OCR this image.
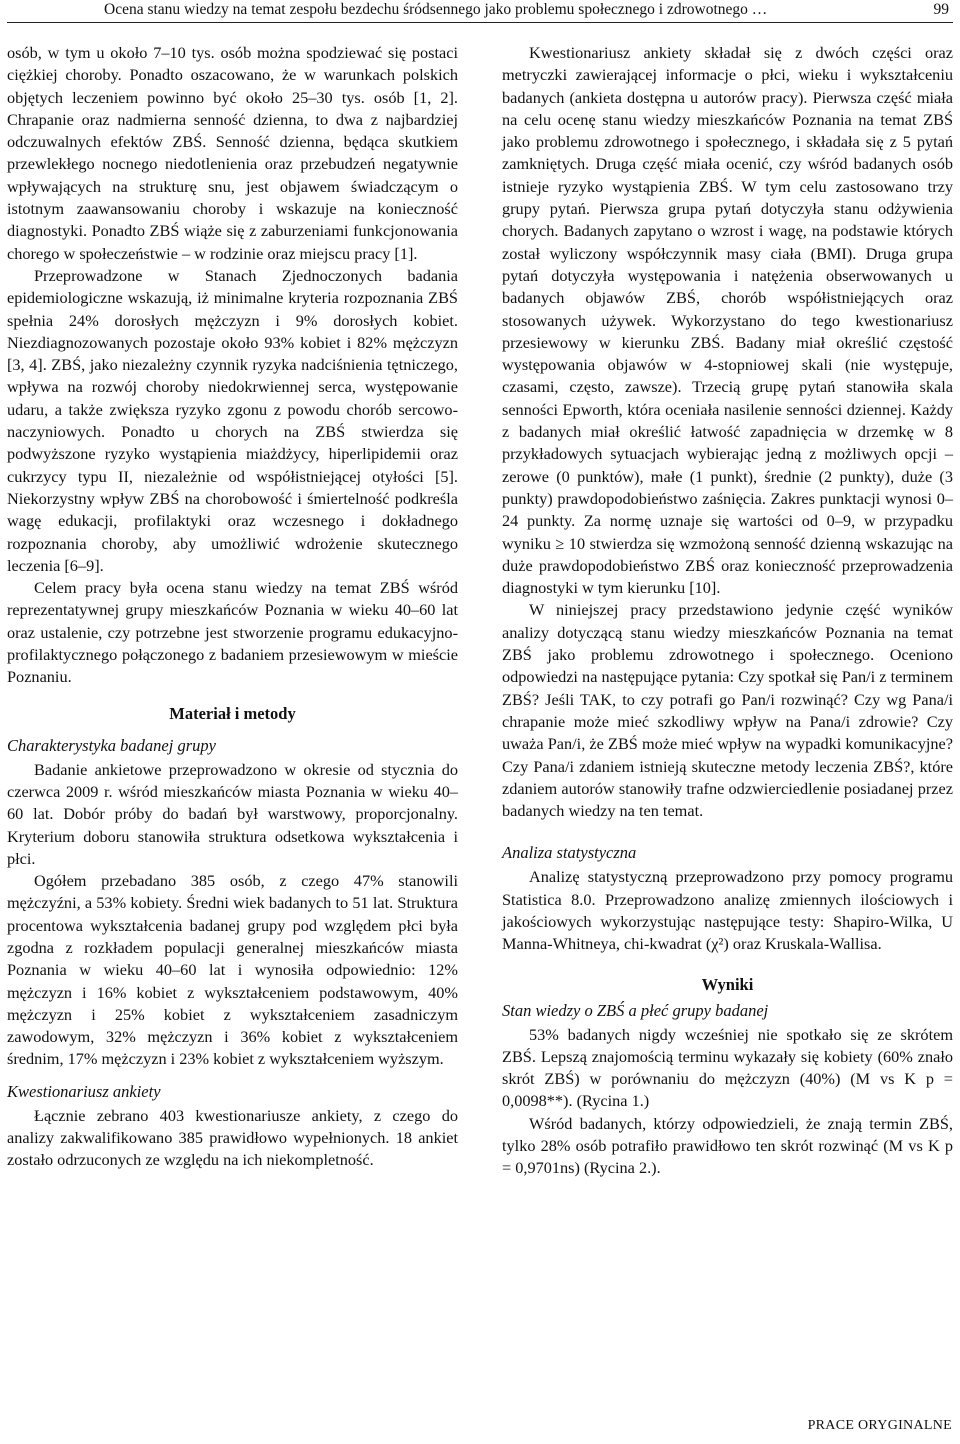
Ocena stanu wiedzy na temat zespołu bezdechu śródsennego jako problemu społecznego i zdrowotnego …	99

osób, w tym u około 7–10 tys. osób można spodziewać się postaci ciężkiej choroby. Ponadto oszacowano, że w warunkach polskich objętych leczeniem powinno być około 25–30 tys. osób [1, 2]. Chrapanie oraz nadmierna senność dzienna, to dwa z najbardziej odczuwalnych efektów ZBŚ. Senność dzienna, będąca skutkiem przewlekłego nocnego niedotlenienia oraz przebudzeń negatywnie wpływających na strukturę snu, jest objawem świadczącym o istotnym zaawansowaniu choroby i wskazuje na konieczność diagnostyki. Ponadto ZBŚ wiąże się z zaburzeniami funkcjonowania chorego w społeczeństwie – w rodzinie oraz miejscu pracy [1].

Przeprowadzone w Stanach Zjednoczonych badania epidemiologiczne wskazują, iż minimalne kryteria rozpoznania ZBŚ spełnia 24% dorosłych mężczyzn i 9% dorosłych kobiet. Niezdiagnozowanych pozostaje około 93% kobiet i 82% mężczyzn [3, 4]. ZBŚ, jako niezależny czynnik ryzyka nadciśnienia tętniczego, wpływa na rozwój choroby niedokrwiennej serca, występowanie udaru, a także zwiększa ryzyko zgonu z powodu chorób sercowo-naczyniowych. Ponadto u chorych na ZBŚ stwierdza się podwyższone ryzyko wystąpienia miażdżycy, hiperlipidemii oraz cukrzycy typu II, niezależnie od współistniejącej otyłości [5]. Niekorzystny wpływ ZBŚ na chorobowość i śmiertelność podkreśla wagę edukacji, profilaktyki oraz wczesnego i dokładnego rozpoznania choroby, aby umożliwić wdrożenie skutecznego leczenia [6–9].

Celem pracy była ocena stanu wiedzy na temat ZBŚ wśród reprezentatywnej grupy mieszkańców Poznania w wieku 40–60 lat oraz ustalenie, czy potrzebne jest stworzenie programu edukacyjno-profilaktycznego połączonego z badaniem przesiewowym w mieście Poznaniu.

Materiał i metody
Charakterystyka badanej grupy

Badanie ankietowe przeprowadzono w okresie od stycznia do czerwca 2009 r. wśród mieszkańców miasta Poznania w wieku 40–60 lat. Dobór próby do badań był warstwowy, proporcjonalny. Kryterium doboru stanowiła struktura odsetkowa wykształcenia i płci.

Ogółem przebadano 385 osób, z czego 47% stanowili mężczyźni, a 53% kobiety. Średni wiek badanych to 51 lat. Struktura procentowa wykształcenia badanej grupy pod względem płci była zgodna z rozkładem populacji generalnej mieszkańców miasta Poznania w wieku 40–60 lat i wynosiła odpowiednio: 12% mężczyzn i 16% kobiet z wykształceniem podstawowym, 40% mężczyzn i 25% kobiet z wykształceniem zasadniczym zawodowym, 32% mężczyzn i 36% kobiet z wykształceniem średnim, 17% mężczyzn i 23% kobiet z wykształceniem wyższym.

Kwestionariusz ankiety

Łącznie zebrano 403 kwestionariusze ankiety, z czego do analizy zakwalifikowano 385 prawidłowo wypełnionych. 18 ankiet zostało odrzuconych ze względu na ich niekompletność.

Kwestionariusz ankiety składał się z dwóch części oraz metryczki zawierającej informacje o płci, wieku i wykształceniu badanych (ankieta dostępna u autorów pracy). Pierwsza część miała na celu ocenę stanu wiedzy mieszkańców Poznania na temat ZBŚ jako problemu zdrowotnego i społecznego, i składała się z 5 pytań zamkniętych. Druga część miała ocenić, czy wśród badanych osób istnieje ryzyko wystąpienia ZBŚ. W tym celu zastosowano trzy grupy pytań. Pierwsza grupa pytań dotyczyła stanu odżywienia chorych. Badanych zapytano o wzrost i wagę, na podstawie których został wyliczony współczynnik masy ciała (BMI). Druga grupa pytań dotyczyła występowania i natężenia obserwowanych u badanych objawów ZBŚ, chorób współistniejących oraz stosowanych używek. Wykorzystano do tego kwestionariusz przesiewowy w kierunku ZBŚ. Badany miał określić częstość występowania objawów w 4-stopniowej skali (nie występuje, czasami, często, zawsze). Trzecią grupę pytań stanowiła skala senności Epworth, która oceniała nasilenie senności dziennej. Każdy z badanych miał określić łatwość zapadnięcia w drzemkę w 8 przykładowych sytuacjach wybierając jedną z możliwych opcji – zerowe (0 punktów), małe (1 punkt), średnie (2 punkty), duże (3 punkty) prawdopodobieństwo zaśnięcia. Zakres punktacji wynosi 0–24 punkty. Za normę uznaje się wartości od 0–9, w przypadku wyniku ≥ 10 stwierdza się wzmożoną senność dzienną wskazując na duże prawdopodobieństwo ZBŚ oraz konieczność przeprowadzenia diagnostyki w tym kierunku [10].

W niniejszej pracy przedstawiono jedynie część wyników analizy dotyczącą stanu wiedzy mieszkańców Poznania na temat ZBŚ jako problemu zdrowotnego i społecznego. Oceniono odpowiedzi na następujące pytania: Czy spotkał się Pan/i z terminem ZBŚ? Jeśli TAK, to czy potrafi go Pan/i rozwinąć? Czy wg Pana/i chrapanie może mieć szkodliwy wpływ na Pana/i zdrowie? Czy uważa Pan/i, że ZBŚ może mieć wpływ na wypadki komunikacyjne? Czy Pana/i zdaniem istnieją skuteczne metody leczenia ZBŚ?, które zdaniem autorów stanowiły trafne odzwierciedlenie posiadanej przez badanych wiedzy na ten temat.

Analiza statystyczna

Analizę statystyczną przeprowadzono przy pomocy programu Statistica 8.0. Przeprowadzono analizę zmiennych ilościowych i jakościowych wykorzystując następujące testy: Shapiro-Wilka, U Manna-Whitneya, chi-kwadrat (χ²) oraz Kruskala-Wallisa.

Wyniki
Stan wiedzy o ZBŚ a płeć grupy badanej

53% badanych nigdy wcześniej nie spotkało się ze skrótem ZBŚ. Lepszą znajomością terminu wykazały się kobiety (60% znało skrót ZBŚ) w porównaniu do mężczyzn (40%) (M vs K p = 0,0098**). (Rycina 1.)

Wśród badanych, którzy odpowiedzieli, że znają termin ZBŚ, tylko 28% osób potrafiło prawidłowo ten skrót rozwinąć (M vs K p = 0,9701ns) (Rycina 2.).

PRACE ORYGINALNE
